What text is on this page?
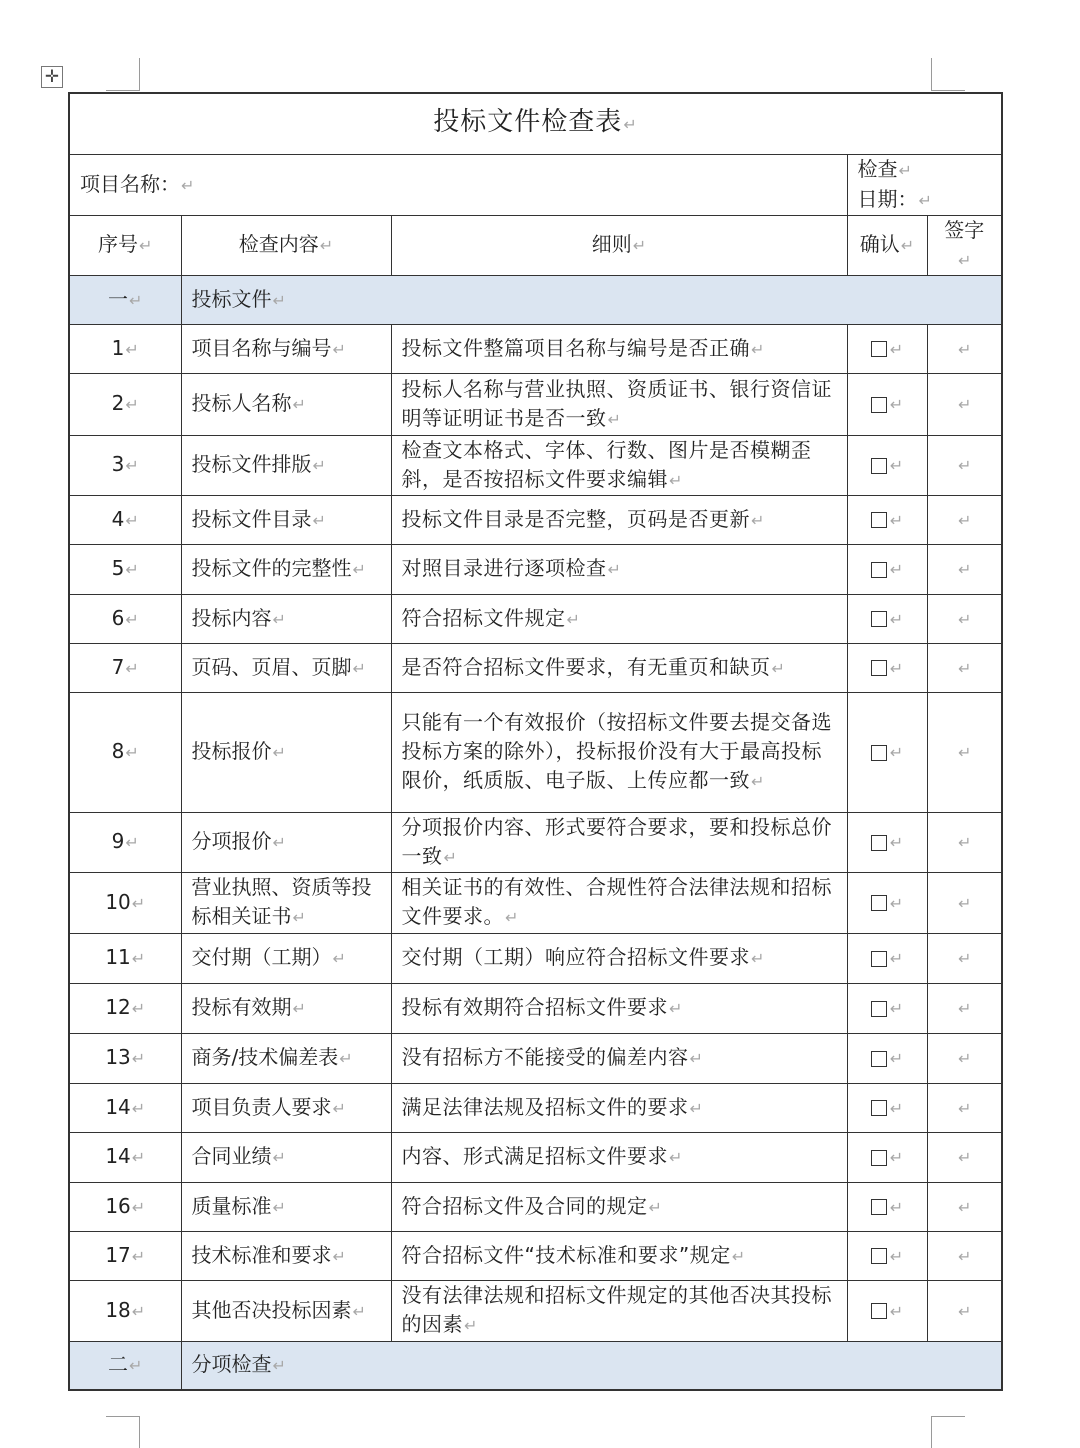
✛
投标文件检查表↵				
项目名称：↵			检查↵
日期：↵	
序号↵	检查内容↵	细则↵	确认↵	签字↵
一↵	投标文件↵			
1↵	项目名称与编号↵	投标文件整篇项目名称与编号是否正确↵	↵	↵
2↵	投标人名称↵	投标人名称与营业执照、资质证书、银行资信证明等证明证书是否一致↵	↵	↵
3↵	投标文件排版↵	检查文本格式、字体、行数、图片是否模糊歪斜，是否按招标文件要求编辑↵	↵	↵
4↵	投标文件目录↵	投标文件目录是否完整，页码是否更新↵	↵	↵
5↵	投标文件的完整性↵	对照目录进行逐项检查↵	↵	↵
6↵	投标内容↵	符合招标文件规定↵	↵	↵
7↵	页码、页眉、页脚↵	是否符合招标文件要求，有无重页和缺页↵	↵	↵
8↵	投标报价↵	只能有一个有效报价（按招标文件要去提交备选投标方案的除外），投标报价没有大于最高投标限价，纸质版、电子版、上传应都一致↵	↵	↵
9↵	分项报价↵	分项报价内容、形式要符合要求，要和投标总价一致↵	↵	↵
10↵	营业执照、资质等投标相关证书↵	相关证书的有效性、合规性符合法律法规和招标文件要求。↵	↵	↵
11↵	交付期（工期）↵	交付期（工期）响应符合招标文件要求↵	↵	↵
12↵	投标有效期↵	投标有效期符合招标文件要求↵	↵	↵
13↵	商务/技术偏差表↵	没有招标方不能接受的偏差内容↵	↵	↵
14↵	项目负责人要求↵	满足法律法规及招标文件的要求↵	↵	↵
14↵	合同业绩↵	内容、形式满足招标文件要求↵	↵	↵
16↵	质量标准↵	符合招标文件及合同的规定↵	↵	↵
17↵	技术标准和要求↵	符合招标文件“技术标准和要求”规定↵	↵	↵
18↵	其他否决投标因素↵	没有法律法规和招标文件规定的其他否决其投标的因素↵	↵	↵
二↵	分项检查↵			
